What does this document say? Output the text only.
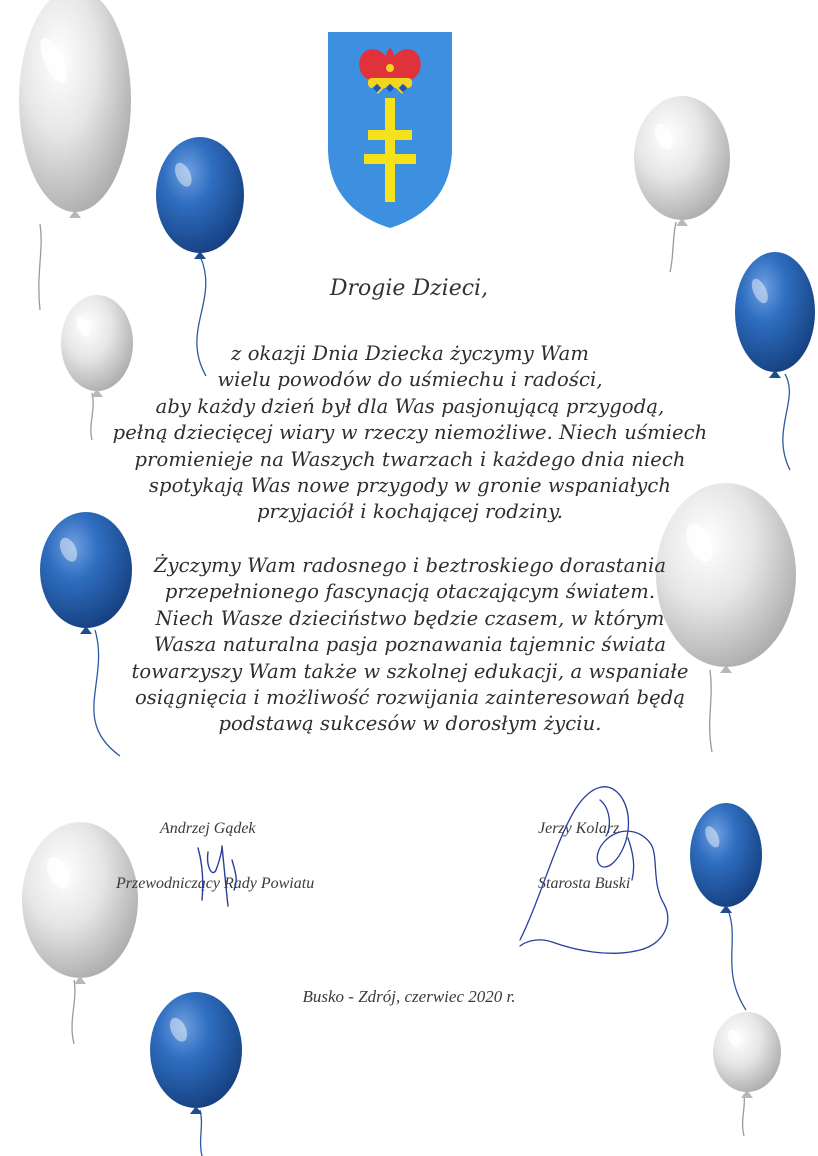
Drogie Dzieci,
z okazji Dnia Dziecka życzymy Wam
wielu powodów do uśmiechu i radości,
aby każdy dzień był dla Was pasjonującą przygodą,
pełną dziecięcej wiary w rzeczy niemożliwe. Niech uśmiech
promienieje na Waszych twarzach i każdego dnia niech
spotykają Was nowe przygody w gronie wspaniałych
przyjaciół i kochającej rodziny.
Życzymy Wam radosnego i beztroskiego dorastania
przepełnionego fascynacją otaczającym światem.
Niech Wasze dzieciństwo będzie czasem, w którym
Wasza naturalna pasja poznawania tajemnic świata
towarzyszy Wam także w szkolnej edukacji, a wspaniałe
osiągnięcia i możliwość rozwijania zainteresowań będą
podstawą sukcesów w dorosłym życiu.
Andrzej Gądek
Przewodniczący Rady Powiatu
Jerzy Kolarz
Starosta Buski
Busko - Zdrój, czerwiec 2020 r.
